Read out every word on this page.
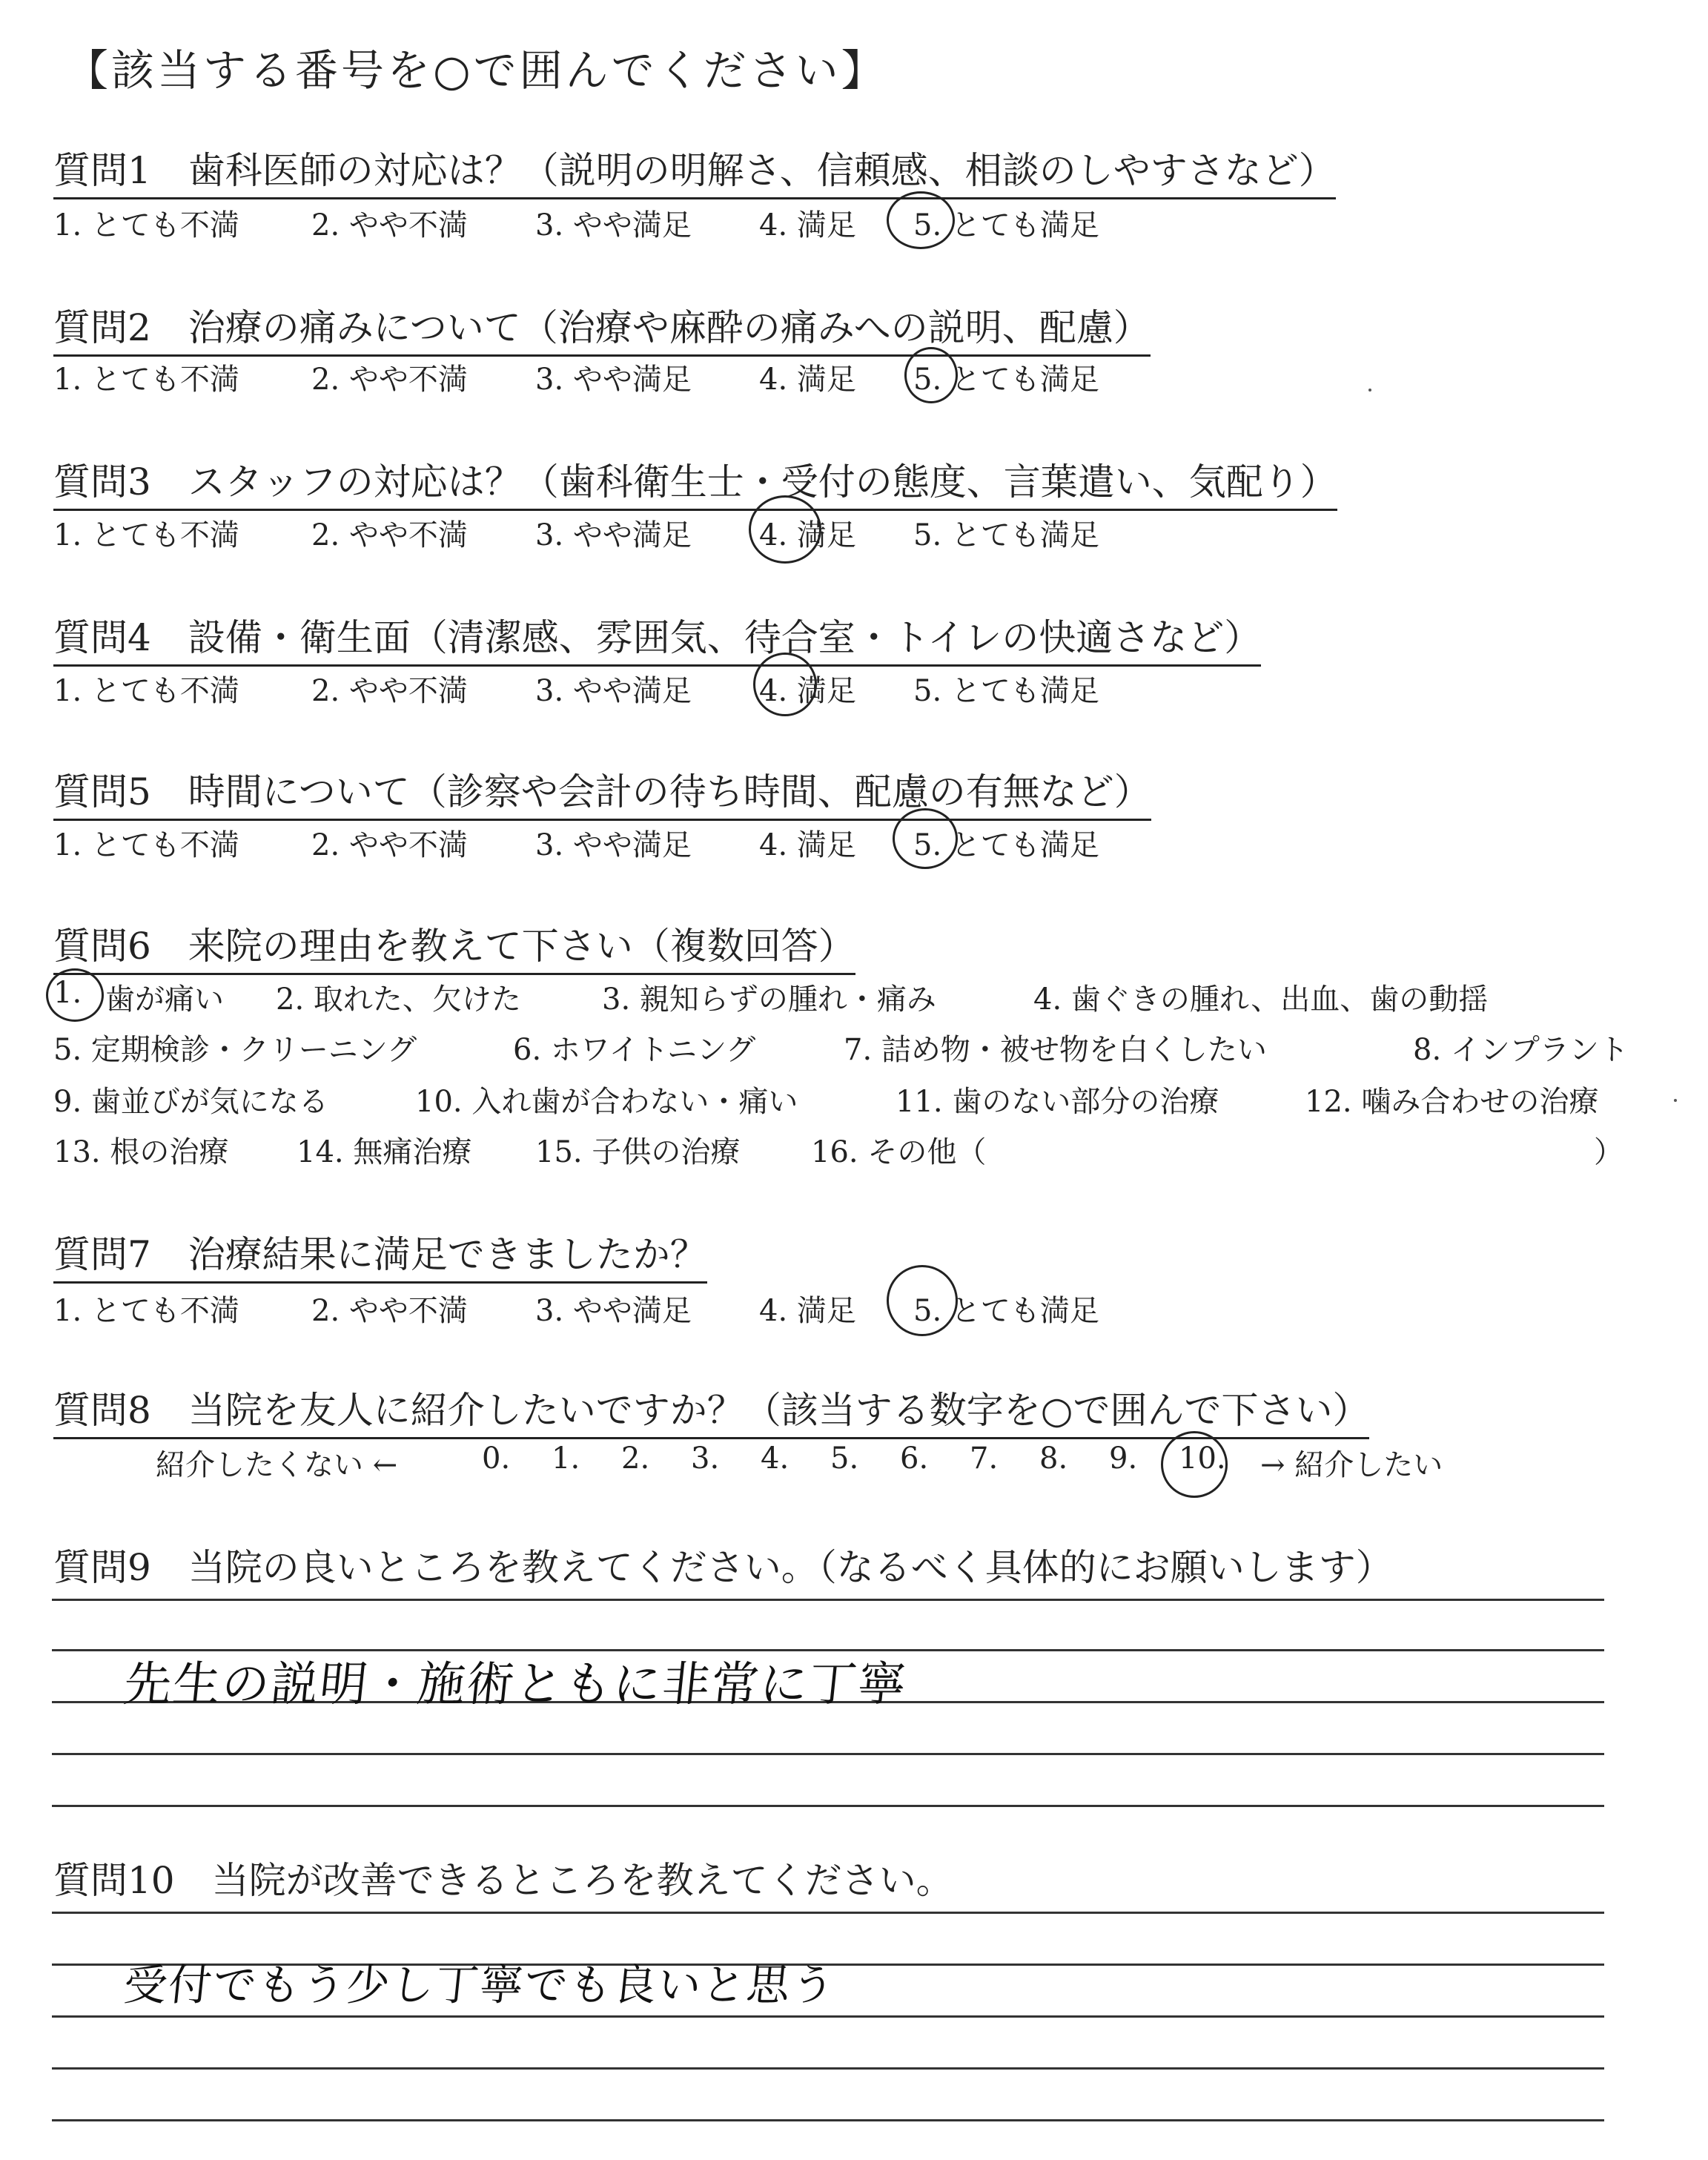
【該当する番号を○で囲んでください】
質問1　歯科医師の対応は？（説明の明解さ、信頼感、相談のしやすさなど）
1. とても不満 2. やや不満 3. やや満足 4. 満足 5. とても満足
質問2　治療の痛みについて（治療や麻酔の痛みへの説明、配慮）
1. とても不満 2. やや不満 3. やや満足 4. 満足 5. とても満足
質問3　スタッフの対応は？（歯科衛生士・受付の態度、言葉遣い、気配り）
1. とても不満 2. やや不満 3. やや満足 4. 満足 5. とても満足
質問4　設備・衛生面（清潔感、雰囲気、待合室・トイレの快適さなど）
1. とても不満 2. やや不満 3. やや満足 4. 満足 5. とても満足
質問5　時間について（診察や会計の待ち時間、配慮の有無など）
1. とても不満 2. やや不満 3. やや満足 4. 満足 5. とても満足
質問6　来院の理由を教えて下さい（複数回答）
1. 歯が痛い 2. 取れた、欠けた	3. 親知らずの腫れ・痛み	4. 歯ぐきの腫れ、出血、歯の動揺
5. 定期検診・クリーニング	6. ホワイトニング	7. 詰め物・被せ物を白くしたい	8. インプラント
9. 歯並びが気になる	10. 入れ歯が合わない・痛い	11. 歯のない部分の治療	12. 噛み合わせの治療
13. 根の治療 14. 無痛治療 15. 子供の治療 16. その他（	）
質問7　治療結果に満足できましたか？
1. とても不満 2. やや不満 3. やや満足 4. 満足 5. とても満足
質問8　当院を友人に紹介したいですか？（該当する数字を○で囲んで下さい）
紹介したくない ←	0. 1. 2. 3. 4. 5. 6. 7. 8. 9. 10. → 紹介したい
質問9　当院の良いところを教えてください。（なるべく具体的にお願いします）
先生の説明・施術ともに非常に丁寧
質問10　当院が改善できるところを教えてください。
受付でもう少し丁寧でも良いと思う
